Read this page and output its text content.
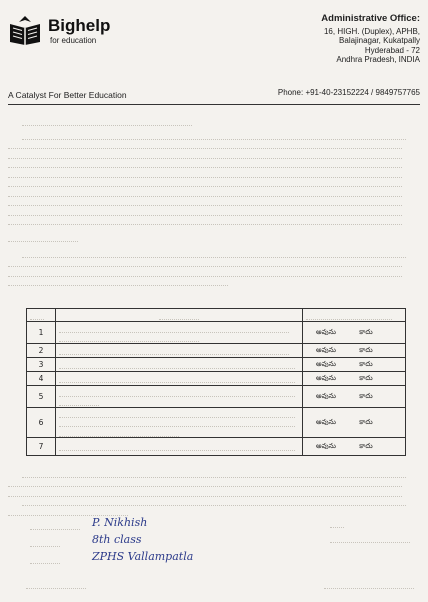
Bighelp
for education
A Catalyst For Better Education
Administrative Office:
16, HIGH. (Duplex), APHB,
Balajinagar, Kukatpally
Hyderabad - 72
Andhra Pradesh, INDIA
Phone: +91-40-23152224 / 9849757765

1		అవును కాదు
2		అవును కాదు
3		అవును కాదు
4		అవును కాదు
5		అవును కాదు
6		అవును కాదు
7		అవును కాదు
P. Nikhish
8th class
ZPHS Vallampatla
